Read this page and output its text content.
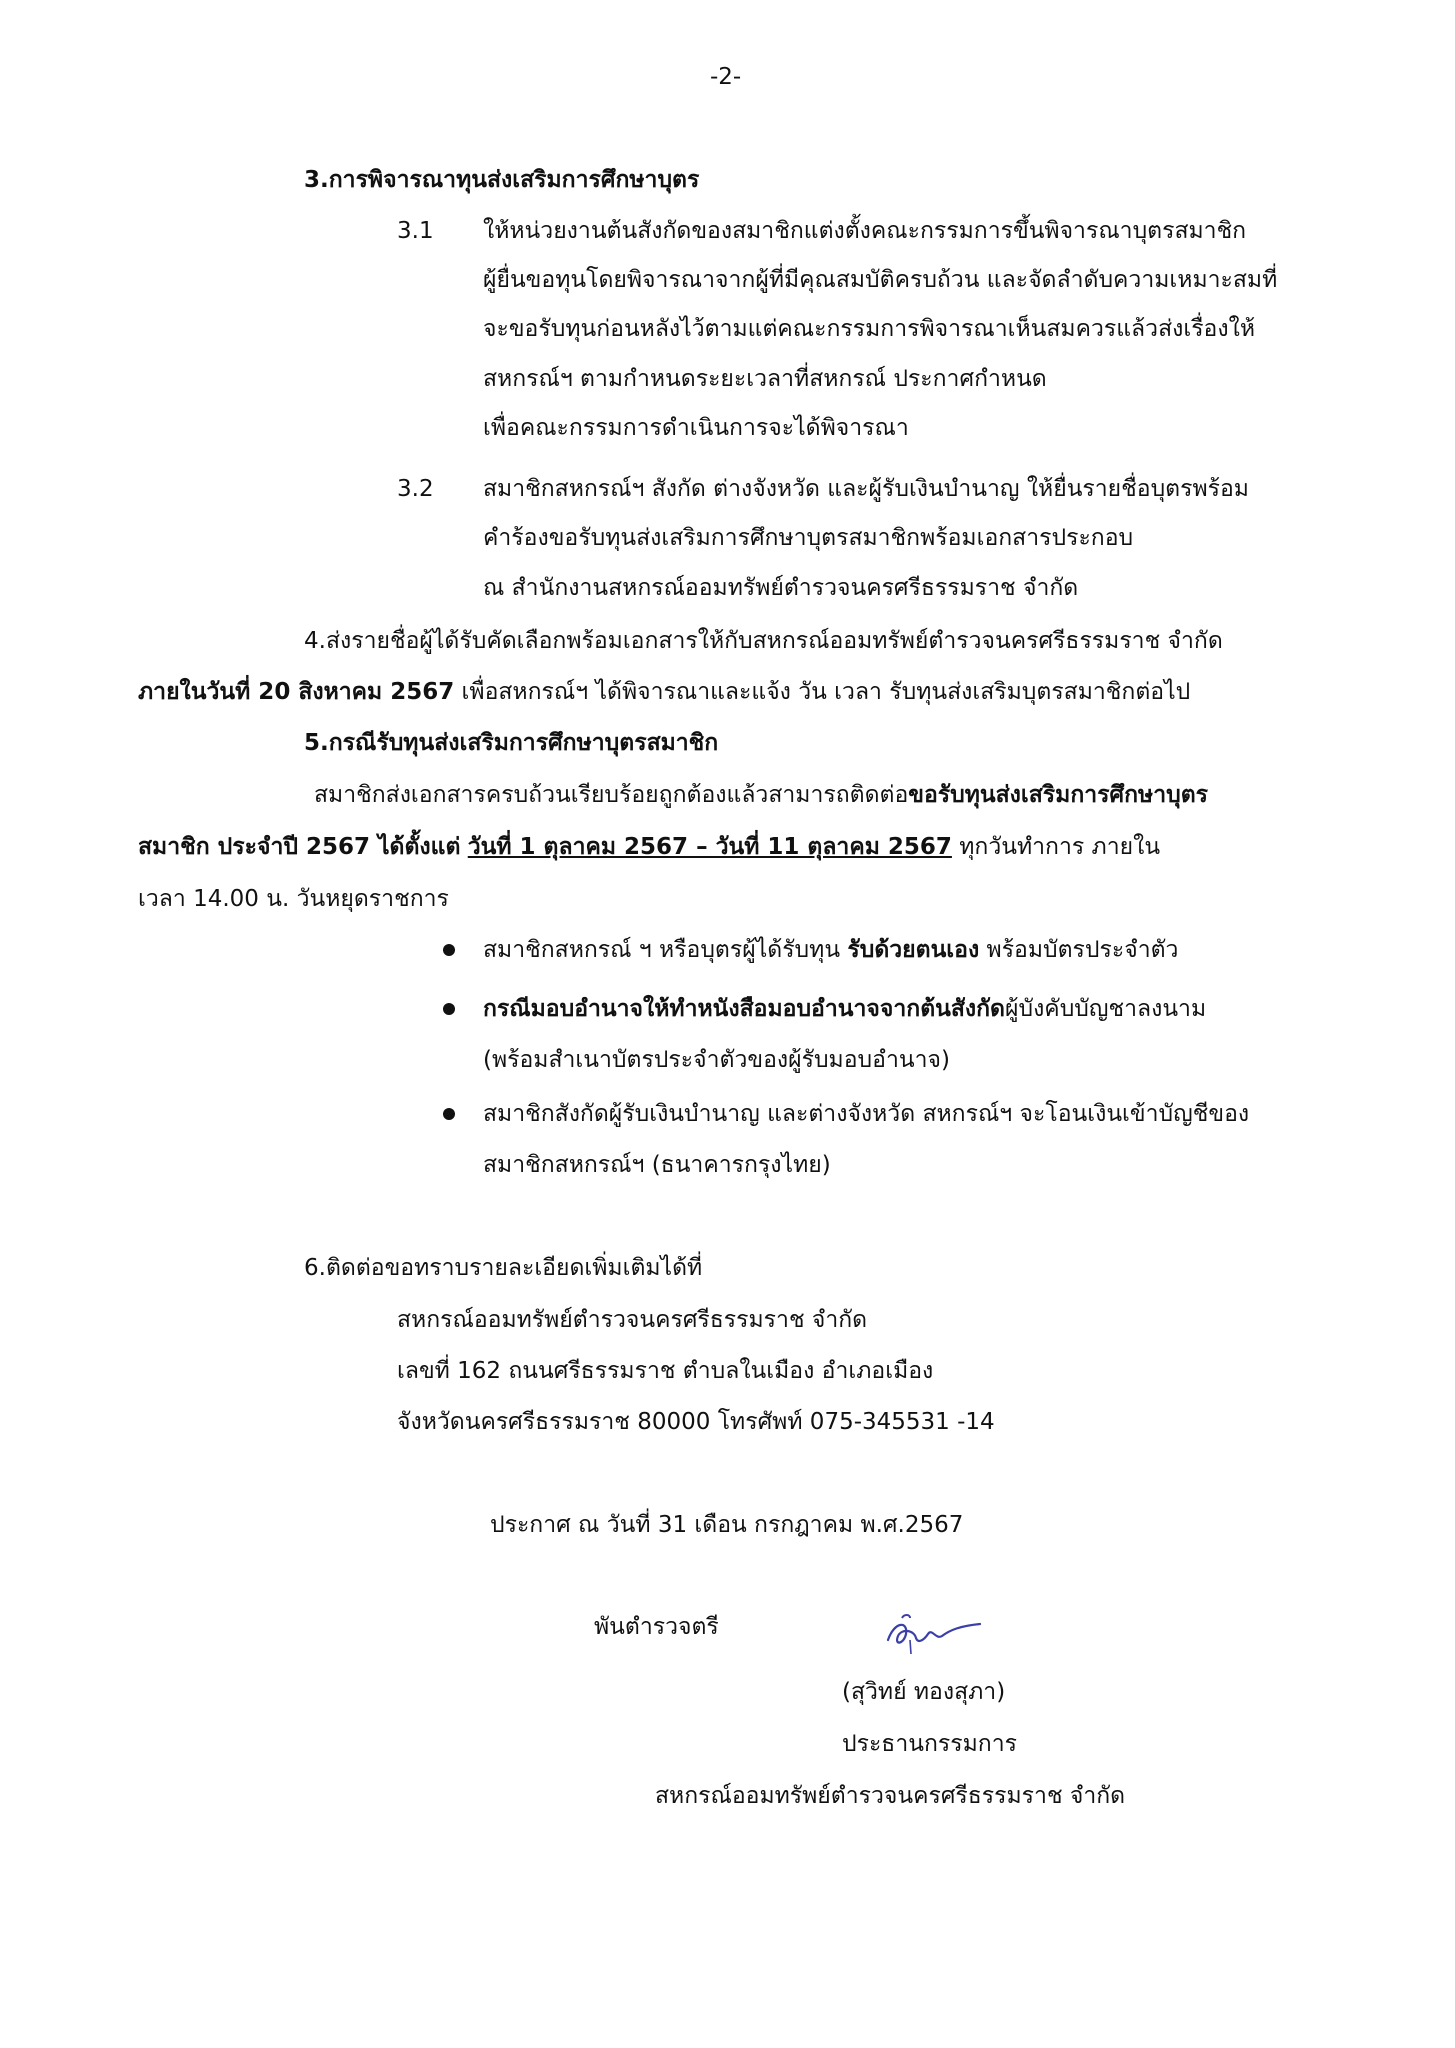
-2-
3.การพิจารณาทุนส่งเสริมการศึกษาบุตร
3.1 ให้หน่วยงานต้นสังกัดของสมาชิกแต่งตั้งคณะกรรมการขึ้นพิจารณาบุตรสมาชิก
ผู้ยื่นขอทุนโดยพิจารณาจากผู้ที่มีคุณสมบัติครบถ้วน และจัดลำดับความเหมาะสมที่
จะขอรับทุนก่อนหลังไว้ตามแต่คณะกรรมการพิจารณาเห็นสมควรแล้วส่งเรื่องให้
สหกรณ์ฯ ตามกำหนดระยะเวลาที่สหกรณ์ ประกาศกำหนด
เพื่อคณะกรรมการดำเนินการจะได้พิจารณา
3.2 สมาชิกสหกรณ์ฯ สังกัด ต่างจังหวัด และผู้รับเงินบำนาญ ให้ยื่นรายชื่อบุตรพร้อม
คำร้องขอรับทุนส่งเสริมการศึกษาบุตรสมาชิกพร้อมเอกสารประกอบ
ณ สำนักงานสหกรณ์ออมทรัพย์ตำรวจนครศรีธรรมราช จำกัด
4.ส่งรายชื่อผู้ได้รับคัดเลือกพร้อมเอกสารให้กับสหกรณ์ออมทรัพย์ตำรวจนครศรีธรรมราช จำกัด
ภายในวันที่ 20 สิงหาคม 2567 เพื่อสหกรณ์ฯ ได้พิจารณาและแจ้ง วัน เวลา รับทุนส่งเสริมบุตรสมาชิกต่อไป
5.กรณีรับทุนส่งเสริมการศึกษาบุตรสมาชิก
สมาชิกส่งเอกสารครบถ้วนเรียบร้อยถูกต้องแล้วสามารถติดต่อขอรับทุนส่งเสริมการศึกษาบุตร
สมาชิก ประจำปี 2567 ได้ตั้งแต่ วันที่ 1 ตุลาคม 2567 – วันที่ 11 ตุลาคม 2567 ทุกวันทำการ ภายใน
เวลา 14.00 น. วันหยุดราชการ
สมาชิกสหกรณ์ ฯ หรือบุตรผู้ได้รับทุน รับด้วยตนเอง พร้อมบัตรประจำตัว
กรณีมอบอำนาจให้ทำหนังสือมอบอำนาจจากต้นสังกัดผู้บังคับบัญชาลงนาม
(พร้อมสำเนาบัตรประจำตัวของผู้รับมอบอำนาจ)
สมาชิกสังกัดผู้รับเงินบำนาญ และต่างจังหวัด สหกรณ์ฯ จะโอนเงินเข้าบัญชีของ
สมาชิกสหกรณ์ฯ (ธนาคารกรุงไทย)
6.ติดต่อขอทราบรายละเอียดเพิ่มเติมได้ที่
สหกรณ์ออมทรัพย์ตำรวจนครศรีธรรมราช จำกัด
เลขที่ 162 ถนนศรีธรรมราช ตำบลในเมือง อำเภอเมือง
จังหวัดนครศรีธรรมราช 80000 โทรศัพท์ 075-345531 -14
ประกาศ ณ วันที่ 31 เดือน กรกฎาคม พ.ศ.2567
พันตำรวจตรี
(สุวิทย์ ทองสุภา)
ประธานกรรมการ
สหกรณ์ออมทรัพย์ตำรวจนครศรีธรรมราช จำกัด
